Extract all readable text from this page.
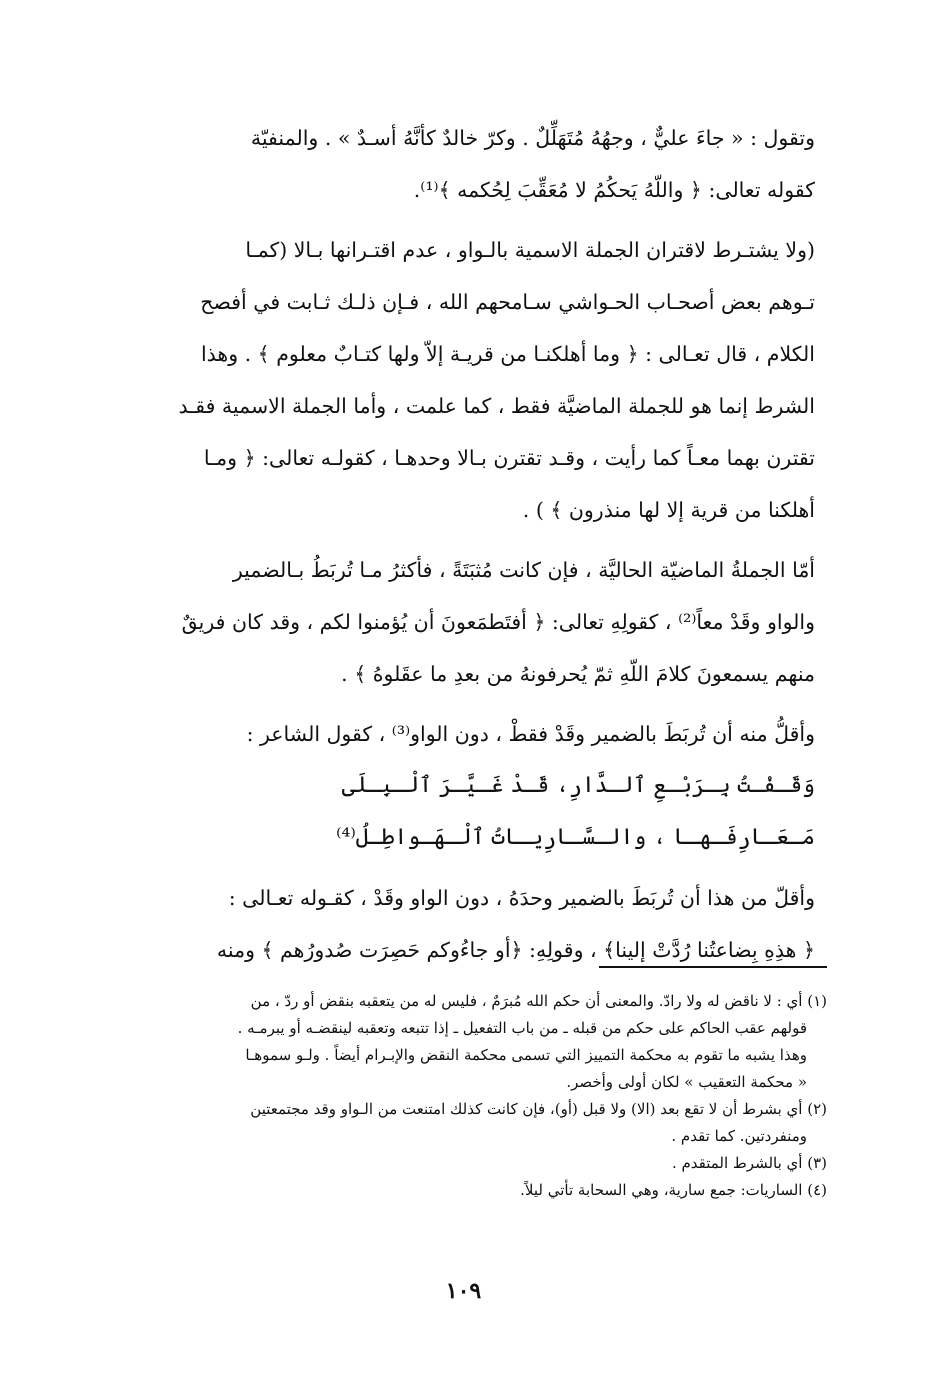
وتقول : « جاءَ عليٌّ ، وجهُهُ مُتَهَلِّلٌ . وكرّ خالدٌ كأنَّهُ أسـدٌ » . والمنفيّة
كقوله تعالى: ﴿ واللّهُ يَحكُمُ لا مُعَقِّبَ لِحُكمه ﴾⁽¹⁾.

(ولا يشتـرط لاقتران الجملة الاسمية بالـواو ، عدم اقتـرانها بـالا (كمـا
تـوهم بعض أصحـاب الحـواشي سـامحهم الله ، فـإن ذلـك ثـابت في أفصح
الكلام ، قال تعـالى : ﴿ وما أهلكنـا من قريـة إلاّ ولها كتـابٌ معلوم ﴾ . وهذا
الشرط إنما هو للجملة الماضيَّة فقط ، كما علمت ، وأما الجملة الاسمية فقـد
تقترن بهما معـاً كما رأيت ، وقـد تقترن بـالا وحدهـا ، كقولـه تعالى: ﴿ ومـا
أهلكنا من قرية إلا لها منذرون ﴾ ) .

أمّا الجملةُ الماضيّة الحاليَّة ، فإن كانت مُثبَتَةً ، فأكثرُ مـا تُربَطُ بـالضمير
والواو وقَدْ معاً⁽²⁾ ، كقولِهِ تعالى: ﴿ أفتَطمَعونَ أن يُؤمنوا لكم ، وقد كان فريقٌ
منهم يسمعونَ كلامَ اللّهِ ثمّ يُحرفونهُ من بعدِ ما عقَلوهُ ﴾ .

وأقلُّ منه أن تُربَطَ بالضمير وقَدْ فقطْ ، دون الواو⁽³⁾ ، كقول الشاعر :

وَقَـفْـتُ بِـرَبْـعِ ٱلـدَّارِ، قَـدْ غَـيَّـرَ ٱلْـبِـلَى
مَـعَـارِفَـهـا ، والـسَّـارِيـاتُ ٱلْـهَـواطِـلُ⁽⁴⁾

وأقلّ من هذا أن تُربَطَ بالضمير وحدَهُ ، دون الواو وقَدْ ، كقـوله تعـالى :
﴿ هذِهِ بِضاعتُنا رُدَّتْ إلينا﴾ ، وقولِهِ: ﴿أو جاءُوكم حَصِرَت صُدورُهم ﴾ ومنه

(١) أي : لا ناقض له ولا رادّ. والمعنى أن حكم الله مُبرَمٌ ، فليس له من يتعقبه بنقض أو ردّ ، من
قولهم عقب الحاكم على حكم من قبله ـ من باب التفعيل ـ إذا تتبعه وتعقبه لينقضـه أو يبرمـه .
وهذا يشبه ما تقوم به محكمة التمييز التي تسمى محكمة النقض والإبـرام أيضاً . ولـو سموهـا
« محكمة التعقيب » لكان أولى وأخصر.

(٢) أي بشرط أن لا تقع بعد (الا) ولا قبل (أو)، فإن كانت كذلك امتنعت من الـواو وقد مجتمعتين
ومنفردتين. كما تقدم .

(٣) أي بالشرط المتقدم .

(٤) الساريات: جمع سارية، وهي السحابة تأتي ليلاً.

١٠٩
